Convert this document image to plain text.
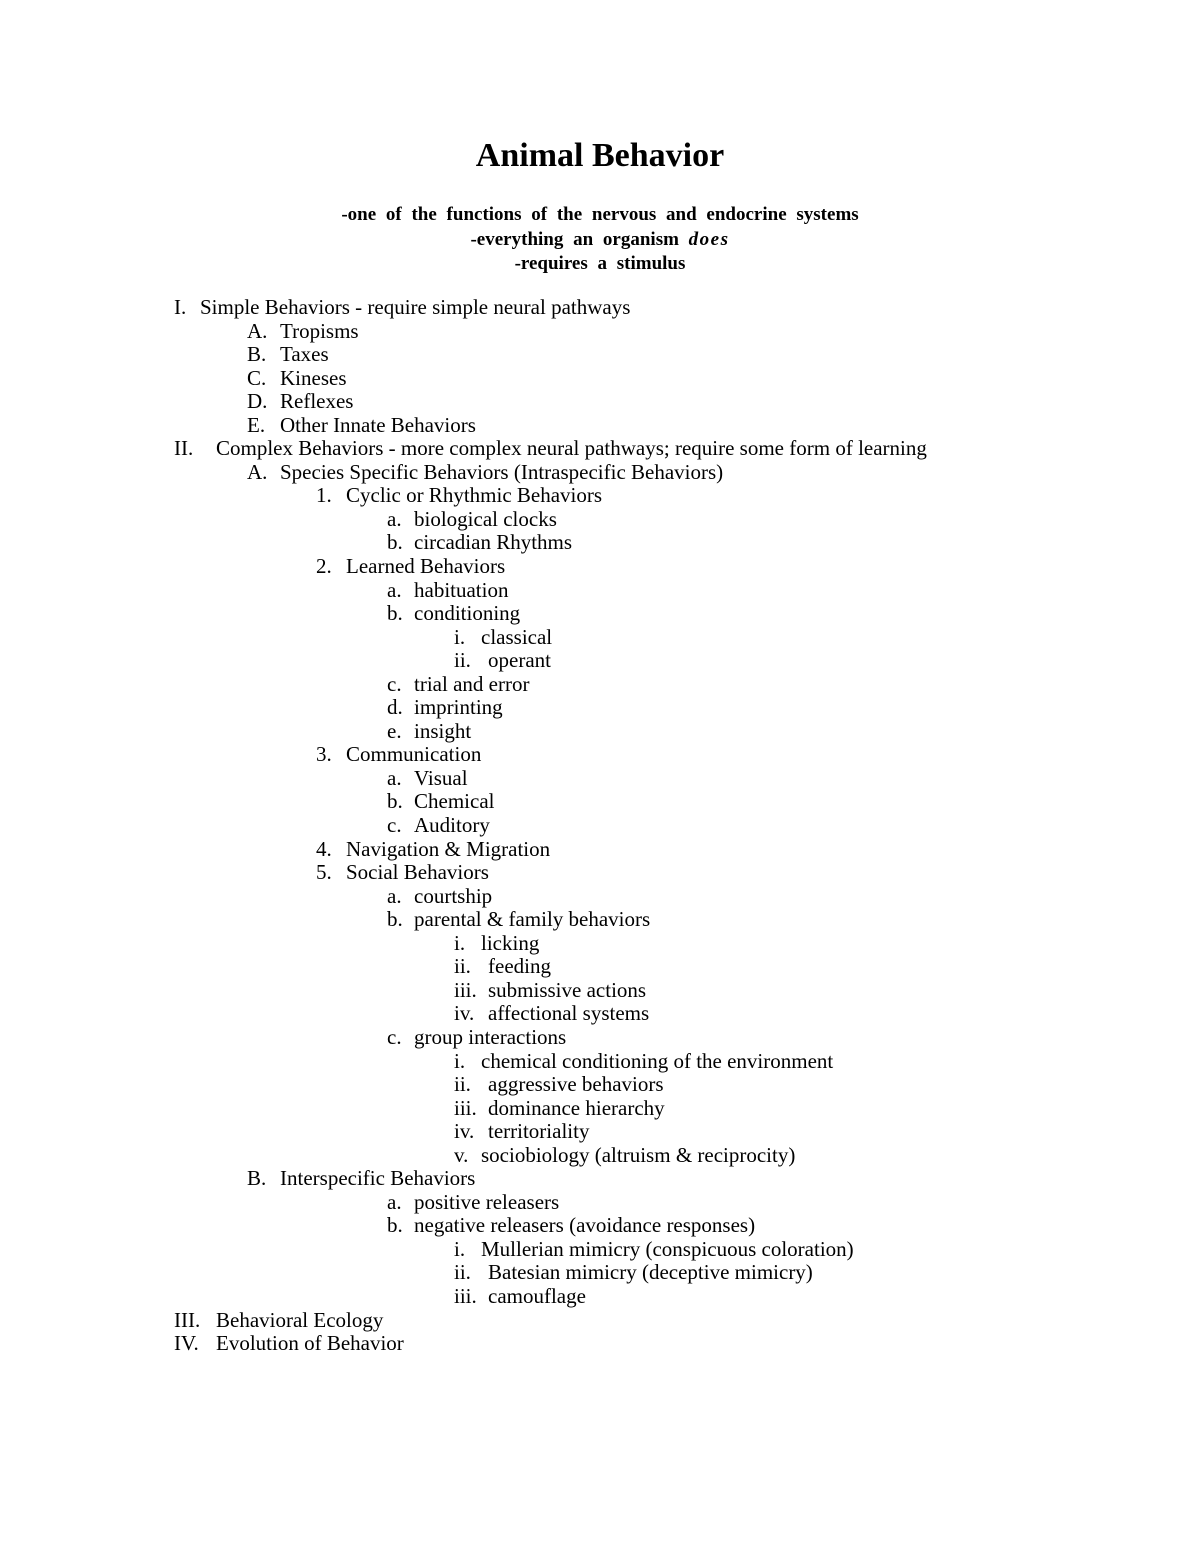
Animal Behavior
-one of the functions of the nervous and endocrine systems
-everything an organism does
-requires a stimulus
I. Simple Behaviors - require simple neural pathways
A. Tropisms
B. Taxes
C. Kineses
D. Reflexes
E. Other Innate Behaviors
II. Complex Behaviors - more complex neural pathways; require some form of learning
A. Species Specific Behaviors (Intraspecific Behaviors)
1. Cyclic or Rhythmic Behaviors
a. biological clocks
b. circadian Rhythms
2. Learned Behaviors
a. habituation
b. conditioning
i. classical
ii. operant
c. trial and error
d. imprinting
e. insight
3. Communication
a. Visual
b. Chemical
c. Auditory
4. Navigation & Migration
5. Social Behaviors
a. courtship
b. parental & family behaviors
i. licking
ii. feeding
iii. submissive actions
iv. affectional systems
c. group interactions
i. chemical conditioning of the environment
ii. aggressive behaviors
iii. dominance hierarchy
iv. territoriality
v. sociobiology (altruism & reciprocity)
B. Interspecific Behaviors
a. positive releasers
b. negative releasers (avoidance responses)
i. Mullerian mimicry (conspicuous coloration)
ii. Batesian mimicry (deceptive mimicry)
iii. camouflage
III. Behavioral Ecology
IV. Evolution of Behavior
